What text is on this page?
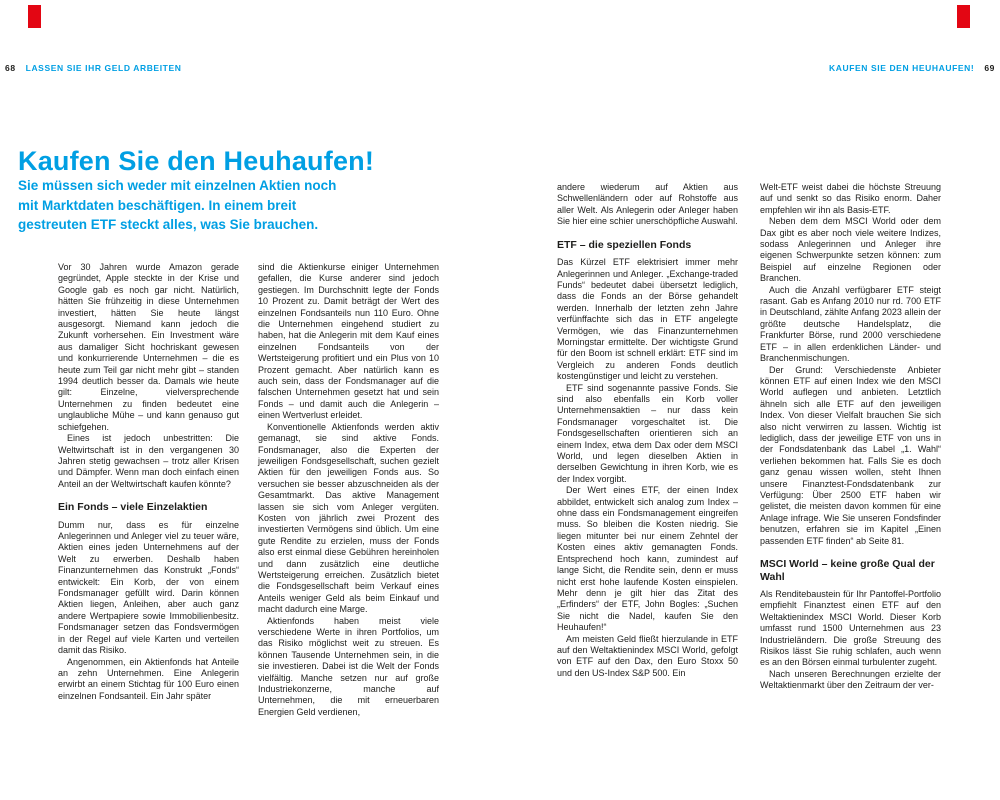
68 LASSEN SIE IHR GELD ARBEITEN	KAUFEN SIE DEN HEUHAUFEN! 69
Kaufen Sie den Heuhaufen!
Sie müssen sich weder mit einzelnen Aktien noch mit Marktdaten beschäftigen. In einem breit gestreuten ETF steckt alles, was Sie brauchen.

Vor 30 Jahren wurde Amazon gerade gegründet, Apple steckte in der Krise und Google gab es noch gar nicht. Natürlich, hätten Sie frühzeitig in diese Unternehmen investiert, hätten Sie heute längst ausgesorgt. Niemand kann jedoch die Zukunft vorhersehen. Ein Investment wäre aus damaliger Sicht hochriskant gewesen und konkurrierende Unternehmen – die es heute zum Teil gar nicht mehr gibt – standen 1994 deutlich besser da. Damals wie heute gilt: Einzelne, vielversprechende Unternehmen zu finden bedeutet eine unglaubliche Mühe – und kann genauso gut schiefgehen.

Eines ist jedoch unbestritten: Die Weltwirtschaft ist in den vergangenen 30 Jahren stetig gewachsen – trotz aller Krisen und Dämpfer. Wenn man doch einfach einen Anteil an der Weltwirtschaft kaufen könnte?

Ein Fonds – viele Einzelaktien

Dumm nur, dass es für einzelne Anlegerinnen und Anleger viel zu teuer wäre, Aktien eines jeden Unternehmens auf der Welt zu erwerben. Deshalb haben Finanzunternehmen das Konstrukt „Fonds“ entwickelt: Ein Korb, der von einem Fondsmanager gefüllt wird. Darin können Aktien liegen, Anleihen, aber auch ganz andere Wertpapiere sowie Immobilienbesitz. Fondsmanager setzen das Fondsvermögen in der Regel auf viele Karten und verteilen damit das Risiko.

Angenommen, ein Aktienfonds hat Anteile an zehn Unternehmen. Eine Anlegerin erwirbt an einem Stichtag für 100 Euro einen einzelnen Fondsanteil. Ein Jahr später

sind die Aktienkurse einiger Unternehmen gefallen, die Kurse anderer sind jedoch gestiegen. Im Durchschnitt legte der Fonds 10 Prozent zu. Damit beträgt der Wert des einzelnen Fondsanteils nun 110 Euro. Ohne die Unternehmen eingehend studiert zu haben, hat die Anlegerin mit dem Kauf eines einzelnen Fondsanteils von der Wertsteigerung profitiert und ein Plus von 10 Prozent gemacht. Aber natürlich kann es auch sein, dass der Fondsmanager auf die falschen Unternehmen gesetzt hat und sein Fonds – und damit auch die Anlegerin – einen Wertverlust erleidet.

Konventionelle Aktienfonds werden aktiv gemanagt, sie sind aktive Fonds. Fondsmanager, also die Experten der jeweiligen Fondsgesellschaft, suchen gezielt Aktien für den jeweiligen Fonds aus. So versuchen sie besser abzuschneiden als der Gesamtmarkt. Das aktive Management lassen sie sich vom Anleger vergüten. Kosten von jährlich zwei Prozent des investierten Vermögens sind üblich. Um eine gute Rendite zu erzielen, muss der Fonds also erst einmal diese Gebühren hereinholen und dann zusätzlich eine deutliche Wertsteigerung erreichen. Zusätzlich bietet die Fondsgesellschaft beim Verkauf eines Anteils weniger Geld als beim Einkauf und macht dadurch eine Marge.

Aktienfonds haben meist viele verschiedene Werte in ihren Portfolios, um das Risiko möglichst weit zu streuen. Es können Tausende Unternehmen sein, in die sie investieren. Dabei ist die Welt der Fonds vielfältig. Manche setzen nur auf große Industriekonzerne, manche auf Unternehmen, die mit erneuerbaren Energien Geld verdienen,

andere wiederum auf Aktien aus Schwellenländern oder auf Rohstoffe aus aller Welt. Als Anlegerin oder Anleger haben Sie hier eine schier unerschöpfliche Auswahl.

ETF – die speziellen Fonds

Das Kürzel ETF elektrisiert immer mehr Anlegerinnen und Anleger. „Exchange-traded Funds“ bedeutet dabei übersetzt lediglich, dass die Fonds an der Börse gehandelt werden. Innerhalb der letzten zehn Jahre verfünffachte sich das in ETF angelegte Vermögen, wie das Finanzunternehmen Morningstar ermittelte. Der wichtigste Grund für den Boom ist schnell erklärt: ETF sind im Vergleich zu anderen Fonds deutlich kostengünstiger und leicht zu verstehen.

ETF sind sogenannte passive Fonds. Sie sind also ebenfalls ein Korb voller Unternehmensaktien – nur dass kein Fondsmanager vorgeschaltet ist. Die Fondsgesellschaften orientieren sich an einem Index, etwa dem Dax oder dem MSCI World, und legen dieselben Aktien in derselben Gewichtung in ihren Korb, wie es der Index vorgibt.

Der Wert eines ETF, der einen Index abbildet, entwickelt sich analog zum Index – ohne dass ein Fondsmanagement eingreifen muss. So bleiben die Kosten niedrig. Sie liegen mitunter bei nur einem Zehntel der Kosten eines aktiv gemanagten Fonds. Entsprechend hoch kann, zumindest auf lange Sicht, die Rendite sein, denn er muss nicht erst hohe laufende Kosten einspielen. Mehr denn je gilt hier das Zitat des „Erfinders“ der ETF, John Bogles: „Suchen Sie nicht die Nadel, kaufen Sie den Heuhaufen!“

Am meisten Geld fließt hierzulande in ETF auf den Weltaktienindex MSCI World, gefolgt von ETF auf den Dax, den Euro Stoxx 50 und den US-Index S&P 500. Ein

Welt-ETF weist dabei die höchste Streuung auf und senkt so das Risiko enorm. Daher empfehlen wir ihn als Basis-ETF.

Neben dem dem MSCI World oder dem Dax gibt es aber noch viele weitere Indizes, sodass Anlegerinnen und Anleger ihre eigenen Schwerpunkte setzen können: zum Beispiel auf einzelne Regionen oder Branchen.

Auch die Anzahl verfügbarer ETF steigt rasant. Gab es Anfang 2010 nur rd. 700 ETF in Deutschland, zählte Anfang 2023 allein der größte deutsche Handelsplatz, die Frankfurter Börse, rund 2000 verschiedene ETF – in allen erdenklichen Länder- und Branchenmischungen.

Der Grund: Verschiedenste Anbieter können ETF auf einen Index wie den MSCI World auflegen und anbieten. Letztlich ähneln sich alle ETF auf den jeweiligen Index. Von dieser Vielfalt brauchen Sie sich also nicht verwirren zu lassen. Wichtig ist lediglich, dass der jeweilige ETF von uns in der Fondsdatenbank das Label „1. Wahl“ verliehen bekommen hat. Falls Sie es doch ganz genau wissen wollen, steht Ihnen unsere Finanztest-Fondsdatenbank zur Verfügung: Über 2500 ETF haben wir gelistet, die meisten davon kommen für eine Anlage infrage. Wie Sie unseren Fondsfinder benutzen, erfahren sie im Kapitel „Einen passenden ETF finden“ ab Seite 81.

MSCI World – keine große Qual der Wahl

Als Renditebaustein für Ihr Pantoffel-Portfolio empfiehlt Finanztest einen ETF auf den Weltaktienindex MSCI World. Dieser Korb umfasst rund 1500 Unternehmen aus 23 Industrieländern. Die große Streuung des Risikos lässt Sie ruhig schlafen, auch wenn es an den Börsen einmal turbulenter zugeht.

Nach unseren Berechnungen erzielte der Weltaktienmarkt über den Zeitraum der ver-
